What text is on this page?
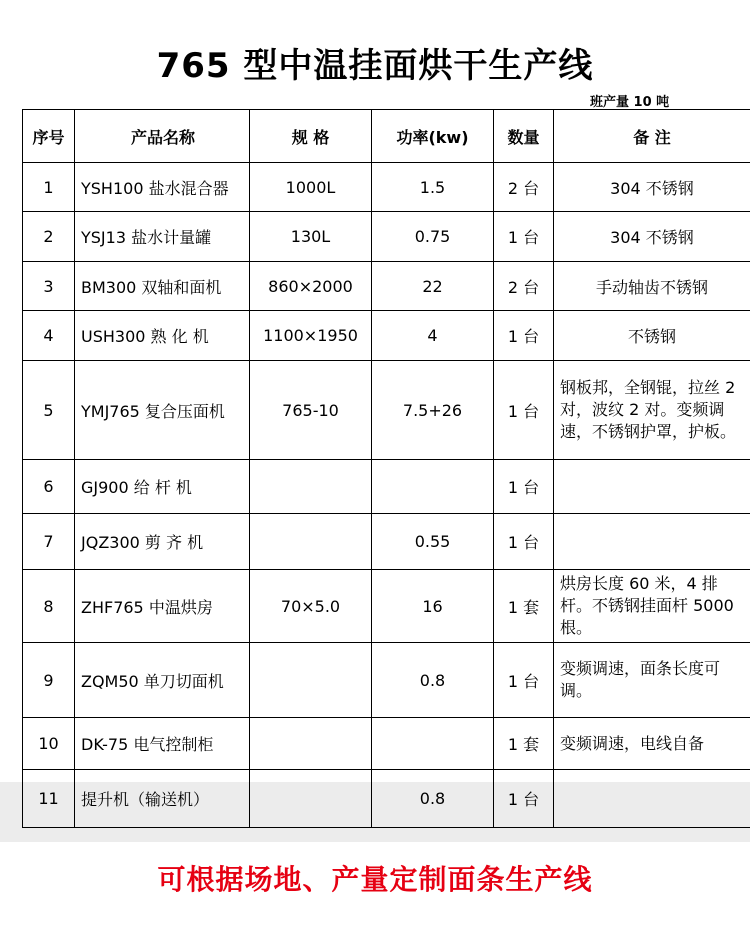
765 型中温挂面烘干生产线
班产量 10 吨
序号	产品名称	规 格	功率(kw)	数量	备 注
1	YSH100 盐水混合器	1000L	1.5	2 台	304 不锈钢
2	YSJ13 盐水计量罐	130L	0.75	1 台	304 不锈钢
3	BM300 双轴和面机	860×2000	22	2 台	手动轴齿不锈钢
4	USH300 熟 化 机	1100×1950	4	1 台	不锈钢
5	YMJ765 复合压面机	765-10	7.5+26	1 台	钢板邦，全钢锟，拉丝 2 对，波纹 2 对。变频调速，不锈钢护罩，护板。
6	GJ900 给 杆 机			1 台	
7	JQZ300 剪 齐 机		0.55	1 台	
8	ZHF765 中温烘房	70×5.0	16	1 套	烘房长度 60 米，4 排杆。不锈钢挂面杆 5000 根。
9	ZQM50 单刀切面机		0.8	1 台	变频调速，面条长度可调。
10	DK-75 电气控制柜			1 套	变频调速，电线自备
11	提升机（输送机）		0.8	1 台	
可根据场地、产量定制面条生产线
